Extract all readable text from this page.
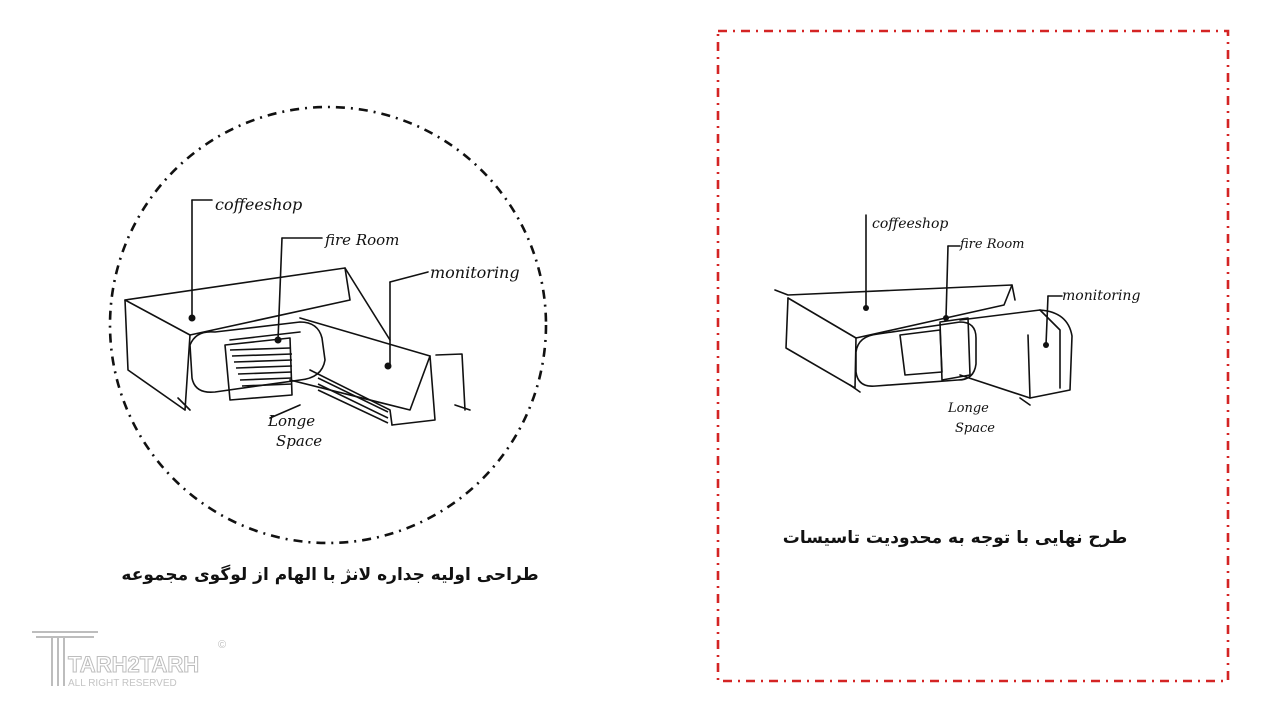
coffeeshop
fire Room
monitoring
Longe
Space
coffeeshop
fire Room
monitoring
Longe
Space
طراحی اولیه جداره لانژ با الهام از لوگوی مجموعه
طرح نهایی با توجه به محدودیت تاسیسات
TARH2TARH
ALL RIGHT RESERVED
©
